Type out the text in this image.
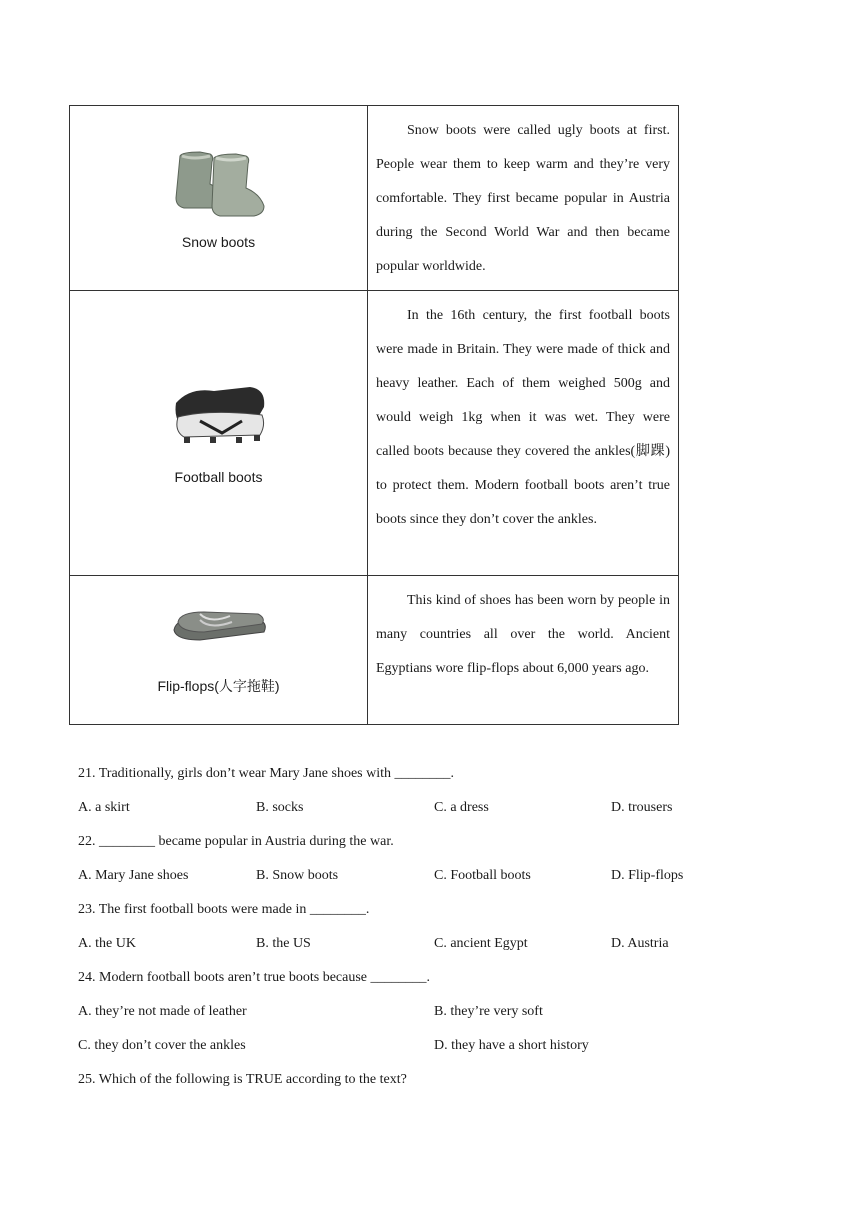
Snow boots	Snow boots were called ugly boots at first. People wear them to keep warm and they’re very comfortable. They first became popular in Austria during the Second World War and then became popular worldwide.

Football boots	In the 16th century, the first football boots were made in Britain. They were made of thick and heavy leather. Each of them weighed 500g and would weigh 1kg when it was wet. They were called boots because they covered the ankles(脚踝) to protect them. Modern football boots aren’t true boots since they don’t cover the ankles.

Flip-flops(人字拖鞋)	This kind of shoes has been worn by people in many countries all over the world. Ancient Egyptians wore flip-flops about 6,000 years ago.
21. Traditionally, girls don’t wear Mary Jane shoes with ________.
A. a skirt	B. socks	C. a dress	D. trousers
22. ________ became popular in Austria during the war.
A. Mary Jane shoes	B. Snow boots	C. Football boots	D. Flip-flops
23. The first football boots were made in ________.
A. the UK	B. the US	C. ancient Egypt	D. Austria
24. Modern football boots aren’t true boots because ________.
A. they’re not made of leather	B. they’re very soft
C. they don’t cover the ankles	D. they have a short history
25. Which of the following is TRUE according to the text?
